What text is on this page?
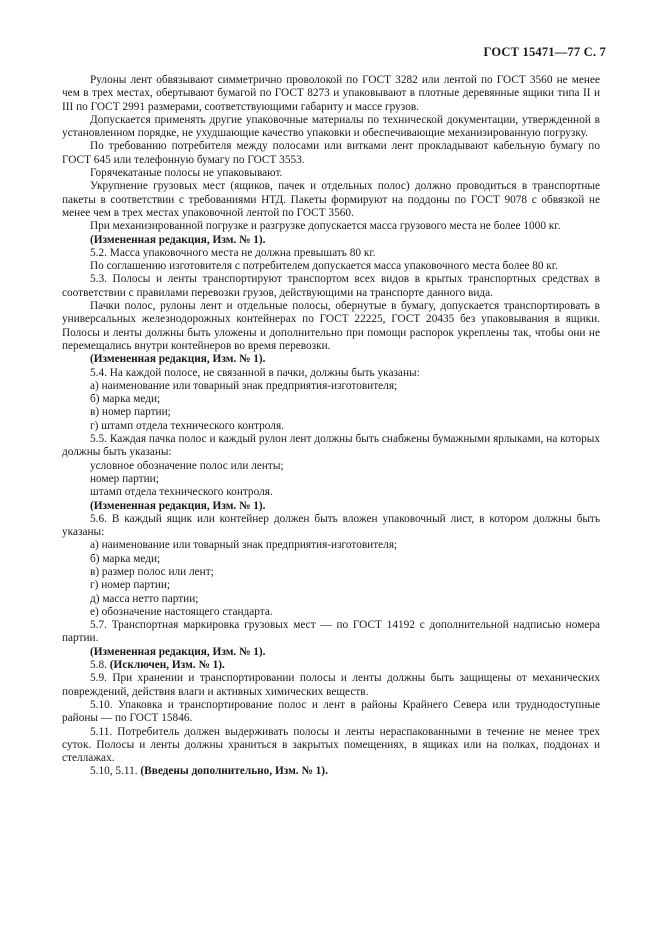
ГОСТ 15471—77 С. 7

Рулоны лент обвязывают симметрично проволокой по ГОСТ 3282 или лентой по ГОСТ 3560 не менее чем в трех местах, обертывают бумагой по ГОСТ 8273 и упаковывают в плотные деревянные ящики типа II и III по ГОСТ 2991 размерами, соответствующими габариту и массе грузов.

Допускается применять другие упаковочные материалы по технической документации, утвержденной в установленном порядке, не ухудшающие качество упаковки и обеспечивающие механизированную погрузку.

По требованию потребителя между полосами или витками лент прокладывают кабельную бумагу по ГОСТ 645 или телефонную бумагу по ГОСТ 3553.

Горячекатаные полосы не упаковывают.

Укрупнение грузовых мест (ящиков, пачек и отдельных полос) должно проводиться в транспортные пакеты в соответствии с требованиями НТД. Пакеты формируют на поддоны по ГОСТ 9078 с обвязкой не менее чем в трех местах упаковочной лентой по ГОСТ 3560.

При механизированной погрузке и разгрузке допускается масса грузового места не более 1000 кг.

(Измененная редакция, Изм. № 1).

5.2. Масса упаковочного места не должна превышать 80 кг.

По соглашению изготовителя с потребителем допускается масса упаковочного места более 80 кг.

5.3. Полосы и ленты транспортируют транспортом всех видов в крытых транспортных средствах в соответствии с правилами перевозки грузов, действующими на транспорте данного вида.

Пачки полос, рулоны лент и отдельные полосы, обернутые в бумагу, допускается транспортировать в универсальных железнодорожных контейнерах по ГОСТ 22225, ГОСТ 20435 без упаковывания в ящики. Полосы и ленты должны быть уложены и дополнительно при помощи распорок укреплены так, чтобы они не перемещались внутри контейнеров во время перевозки.

(Измененная редакция, Изм. № 1).

5.4. На каждой полосе, не связанной в пачки, должны быть указаны:

а) наименование или товарный знак предприятия-изготовителя;

б) марка меди;

в) номер партии;

г) штамп отдела технического контроля.

5.5. Каждая пачка полос и каждый рулон лент должны быть снабжены бумажными ярлыками, на которых должны быть указаны:

условное обозначение полос или ленты;

номер партии;

штамп отдела технического контроля.

(Измененная редакция, Изм. № 1).

5.6. В каждый ящик или контейнер должен быть вложен упаковочный лист, в котором должны быть указаны:

а) наименование или товарный знак предприятия-изготовителя;

б) марка меди;

в) размер полос или лент;

г) номер партии;

д) масса нетто партии;

е) обозначение настоящего стандарта.

5.7. Транспортная маркировка грузовых мест — по ГОСТ 14192 с дополнительной надписью номера партии.

(Измененная редакция, Изм. № 1).

5.8. (Исключен, Изм. № 1).

5.9. При хранении и транспортировании полосы и ленты должны быть защищены от механических повреждений, действия влаги и активных химических веществ.

5.10. Упаковка и транспортирование полос и лент в районы Крайнего Севера или труднодоступные районы — по ГОСТ 15846.

5.11. Потребитель должен выдерживать полосы и ленты нераспакованными в течение не менее трех суток. Полосы и ленты должны храниться в закрытых помещениях, в ящиках или на полках, поддонах и стеллажах.

5.10, 5.11. (Введены дополнительно, Изм. № 1).
